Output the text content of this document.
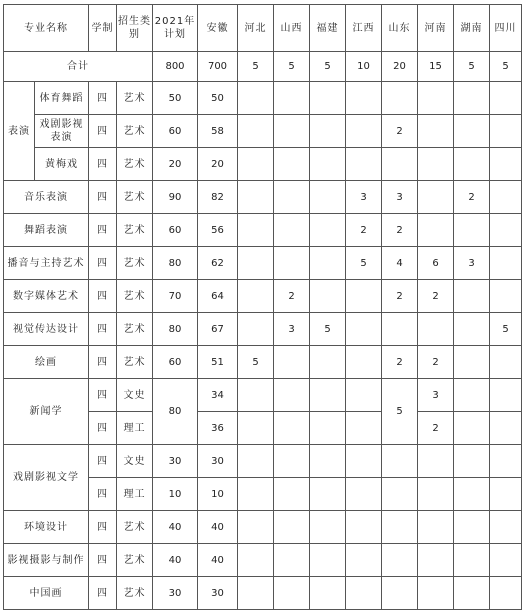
专业名称		学制	招生类别	2021年计划	安徽	河北	山西	福建	江西	山东	河南	湖南	四川
合计				800	700	5	5	5	10	20	15	5	5
表演	体育舞蹈	四	艺术	50	50								
	戏剧影视表演	四	艺术	60	58					2			
	黄梅戏	四	艺术	20	20								
音乐表演		四	艺术	90	82				3	3		2	
舞蹈表演		四	艺术	60	56				2	2			
播音与主持艺术		四	艺术	80	62				5	4	6	3	
数字媒体艺术		四	艺术	70	64		2			2	2		
视觉传达设计		四	艺术	80	67		3	5					5
绘画		四	艺术	60	51	5				2	2		
新闻学		四	文史	80	34					5	3		
		四	理工		36						2		
戏剧影视文学		四	文史	30	30								
		四	理工	10	10								
环境设计		四	艺术	40	40								
影视摄影与制作		四	艺术	40	40								
中国画		四	艺术	30	30								
